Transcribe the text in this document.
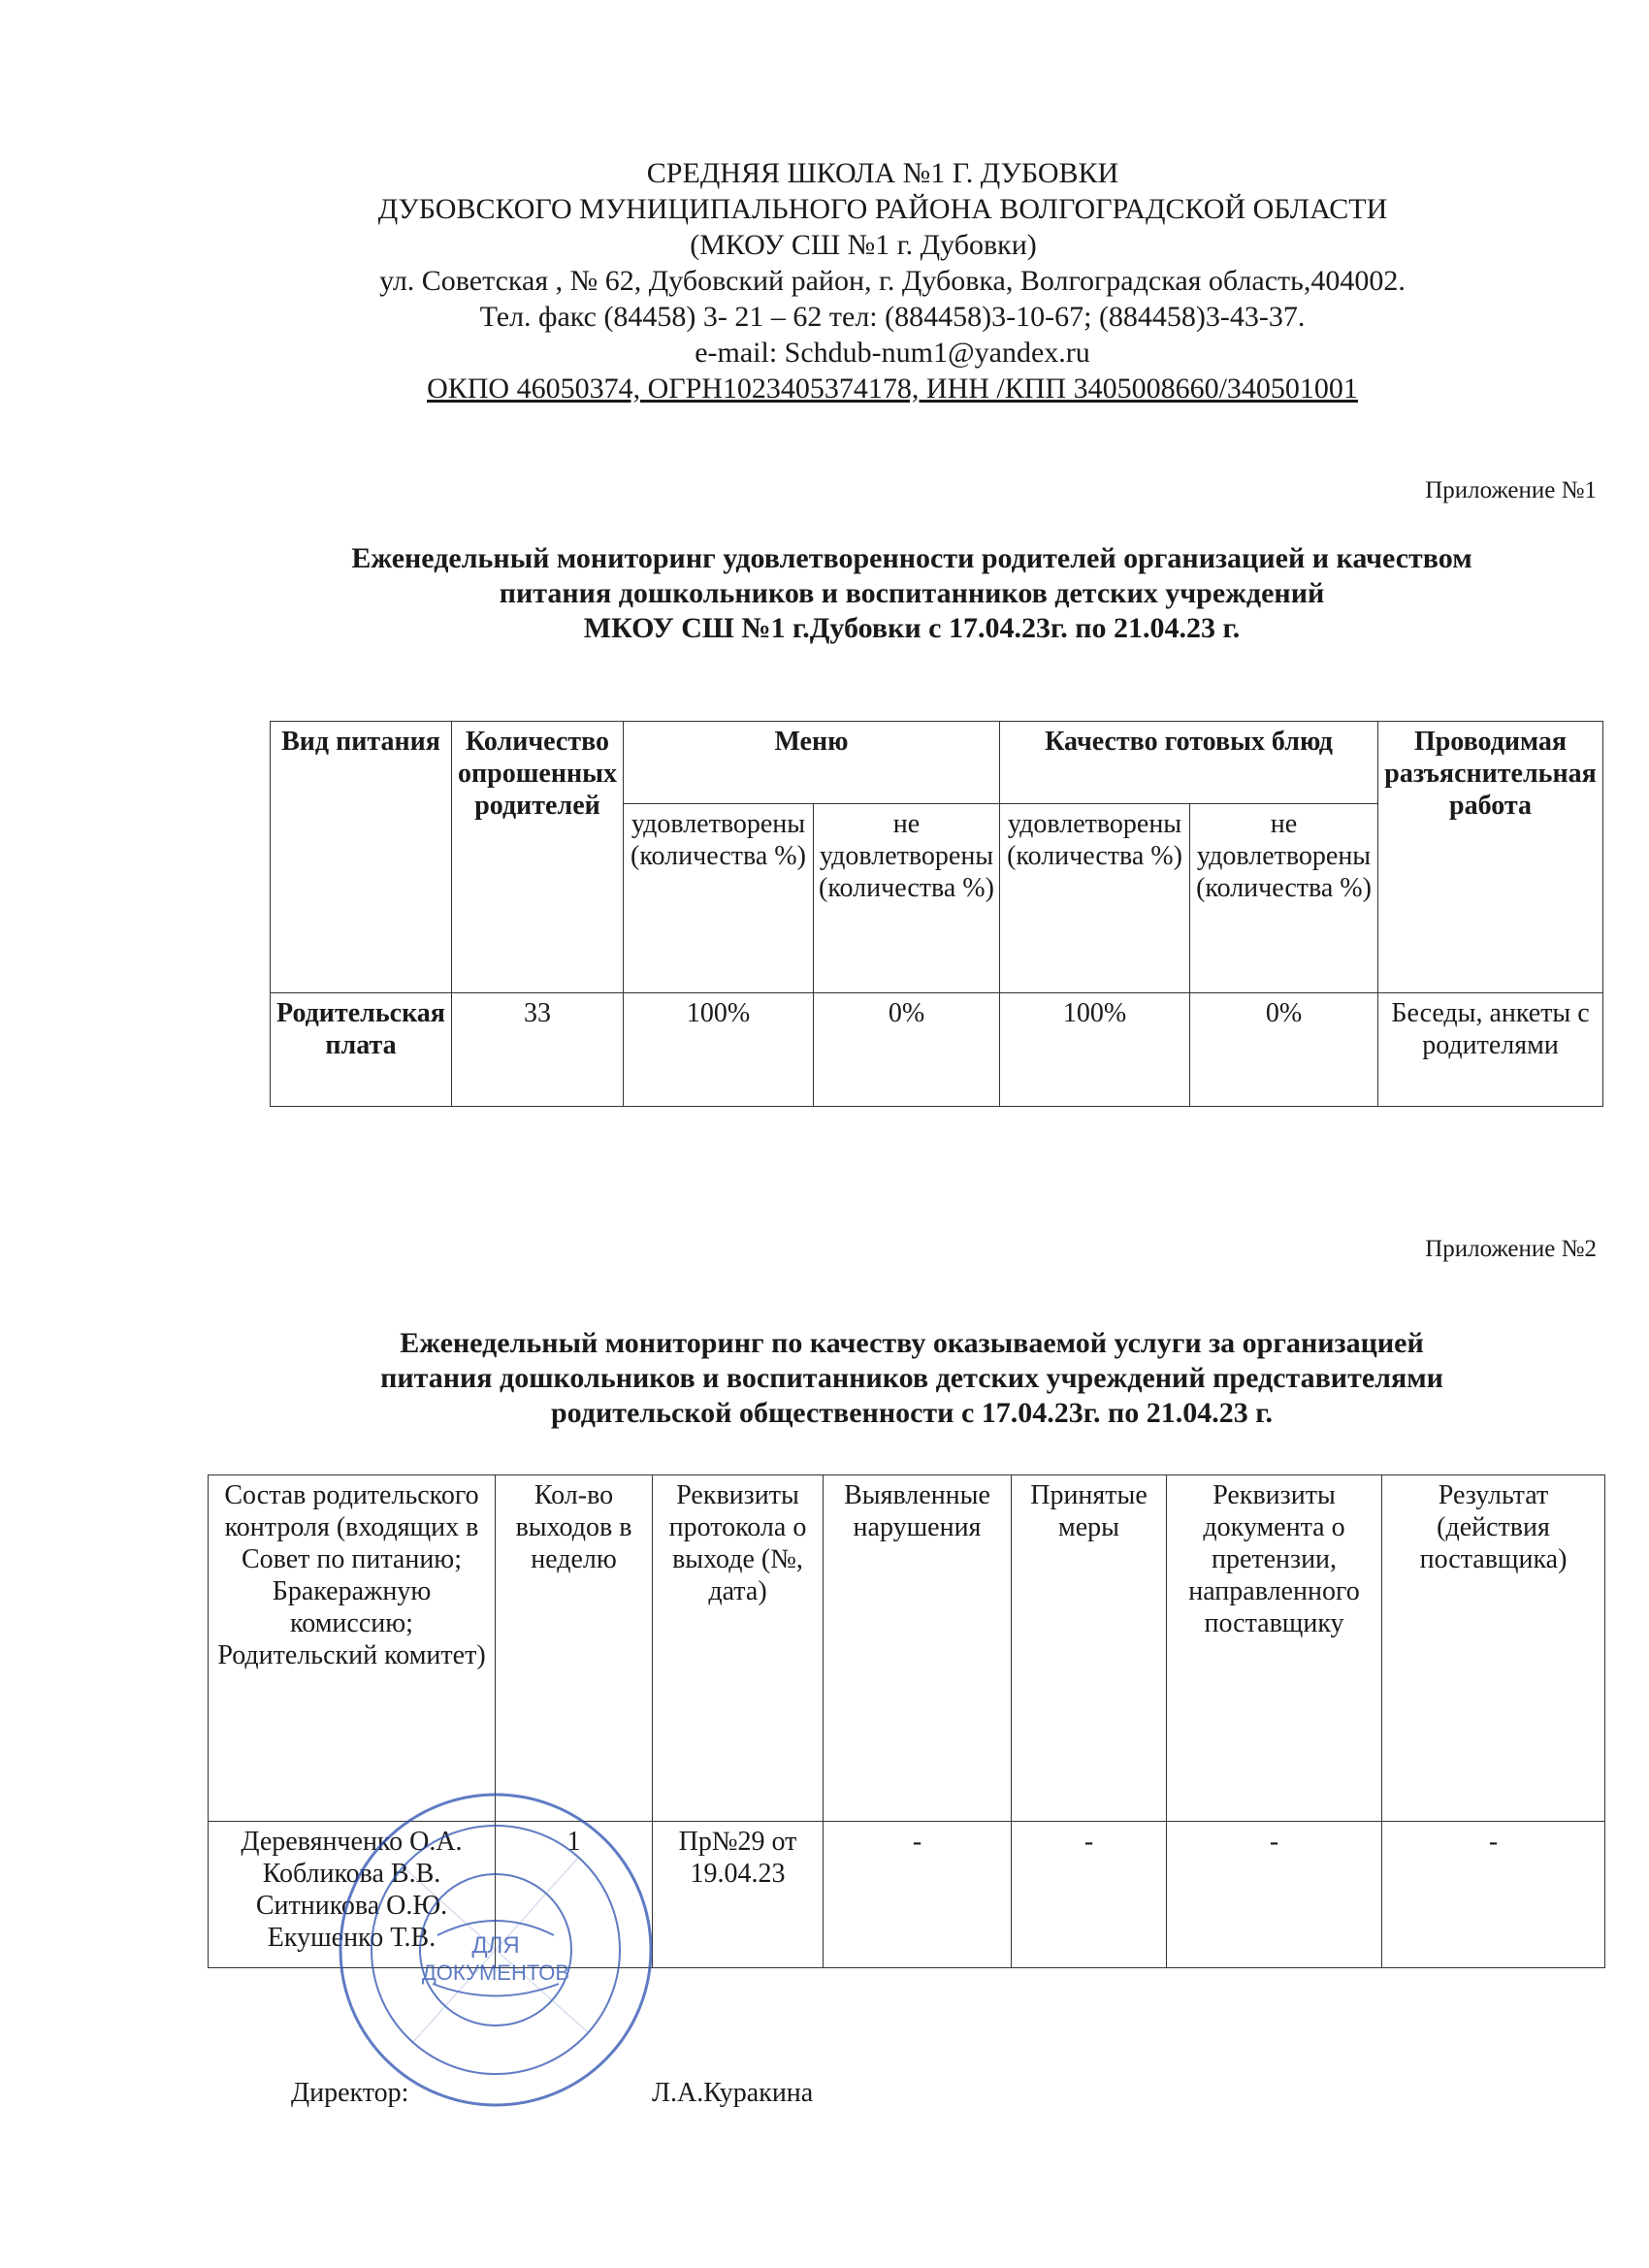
СРЕДНЯЯ ШКОЛА №1 Г. ДУБОВКИ
ДУБОВСКОГО МУНИЦИПАЛЬНОГО РАЙОНА ВОЛГОГРАДСКОЙ ОБЛАСТИ
(МКОУ СШ №1 г. Дубовки)
ул. Советская , № 62, Дубовский район, г. Дубовка, Волгоградская область,404002.
Тел. факс (84458) 3- 21 – 62 тел: (884458)3-10-67; (884458)3-43-37.
e-mail: Schdub-num1@yandex.ru
ОКПО 46050374, ОГРН1023405374178, ИНН /КПП 3405008660/340501001
Приложение №1
Еженедельный мониторинг удовлетворенности родителей организацией и качеством
питания дошкольников и воспитанников детских учреждений
МКОУ СШ №1 г.Дубовки с 17.04.23г. по 21.04.23 г.
Вид питания	Количество опрошенных родителей	Меню		Качество готовых блюд		Проводимая разъяснительная работа
		удовлетворены (количества %)	не удовлетворены (количества %)	удовлетворены (количества %)	не удовлетворены (количества %)	
Родительская плата	33	100%	0%	100%	0%	Беседы, анкеты с родителями
Приложение №2
Еженедельный мониторинг по качеству оказываемой услуги за организацией
питания дошкольников и воспитанников детских учреждений представителями
родительской общественности с 17.04.23г. по 21.04.23 г.
Состав родительского контроля (входящих в Совет по питанию; Бракеражную комиссию; Родительский комитет)	Кол-во выходов в неделю	Реквизиты протокола о выходе (№, дата)	Выявленные нарушения	Принятые меры	Реквизиты документа о претензии, направленного поставщику	Результат (действия поставщика)

Деревянченко О.А.
Кобликова В.В.
Ситникова О.Ю.
Екушенко Т.В.	1	Пр№29 от 19.04.23	-	-	-	-
ДЛЯ
ДОКУМЕНТОВ
Директор:	Л.А.Куракина
